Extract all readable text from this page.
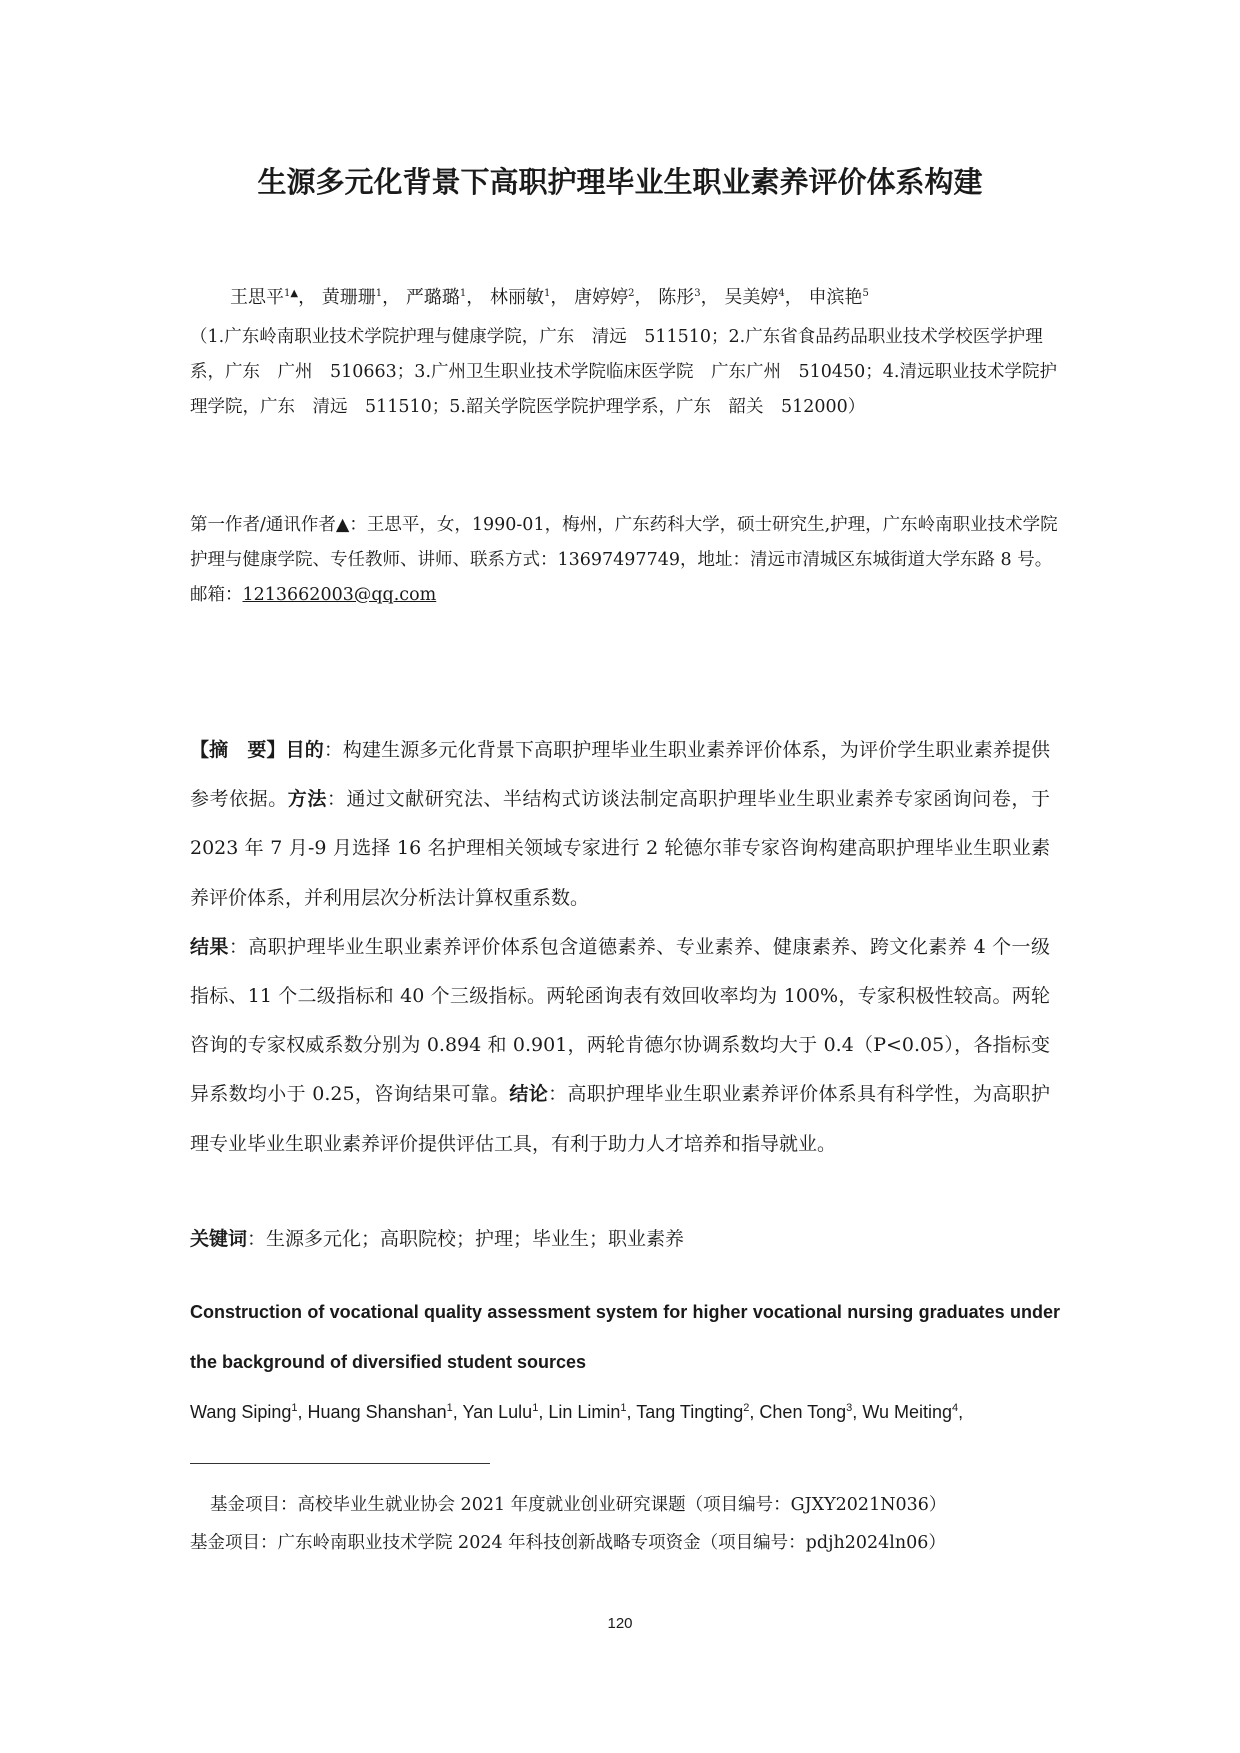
生源多元化背景下高职护理毕业生职业素养评价体系构建
王思平$^{1▲}$， 黄珊珊$^1$， 严璐璐$^1$， 林丽敏$^1$， 唐婷婷$^2$， 陈彤$^3$， 吴美婷$^4$， 申滨艳$^5$
（1.广东岭南职业技术学院护理与健康学院，广东　清远　511510；2.广东省食品药品职业技术学校医学护理系，广东　广州　510663；3.广州卫生职业技术学院临床医学院　广东广州　510450；4.清远职业技术学院护理学院，广东　清远　511510；5.韶关学院医学院护理学系，广东　韶关　512000）
第一作者/通讯作者▲：王思平，女，1990-01，梅州，广东药科大学，硕士研究生,护理，广东岭南职业技术学院护理与健康学院、专任教师、讲师、联系方式：13697497749，地址：清远市清城区东城街道大学东路 8 号。邮箱：1213662003@qq.com
【摘　要】目的：构建生源多元化背景下高职护理毕业生职业素养评价体系，为评价学生职业素养提供参考依据。方法：通过文献研究法、半结构式访谈法制定高职护理毕业生职业素养专家函询问卷，于 2023 年 7 月-9 月选择 16 名护理相关领域专家进行 2 轮德尔菲专家咨询构建高职护理毕业生职业素养评价体系，并利用层次分析法计算权重系数。
结果：高职护理毕业生职业素养评价体系包含道德素养、专业素养、健康素养、跨文化素养 4 个一级指标、11 个二级指标和 40 个三级指标。两轮函询表有效回收率均为 100%，专家积极性较高。两轮咨询的专家权威系数分别为 0.894 和 0.901，两轮肯德尔协调系数均大于 0.4（P<0.05），各指标变异系数均小于 0.25，咨询结果可靠。结论：高职护理毕业生职业素养评价体系具有科学性，为高职护理专业毕业生职业素养评价提供评估工具，有利于助力人才培养和指导就业。
关键词：生源多元化；高职院校；护理；毕业生；职业素养
Construction of vocational quality assessment system for higher vocational nursing graduates under the background of diversified student sources
Wang Siping$^1$, Huang Shanshan$^1$, Yan Lulu$^1$, Lin Limin$^1$, Tang Tingting$^2$, Chen Tong$^3$, Wu Meiting$^4$,
基金项目：高校毕业生就业协会 2021 年度就业创业研究课题（项目编号：GJXY2021N036）
基金项目：广东岭南职业技术学院 2024 年科技创新战略专项资金（项目编号：pdjh2024ln06）
120
